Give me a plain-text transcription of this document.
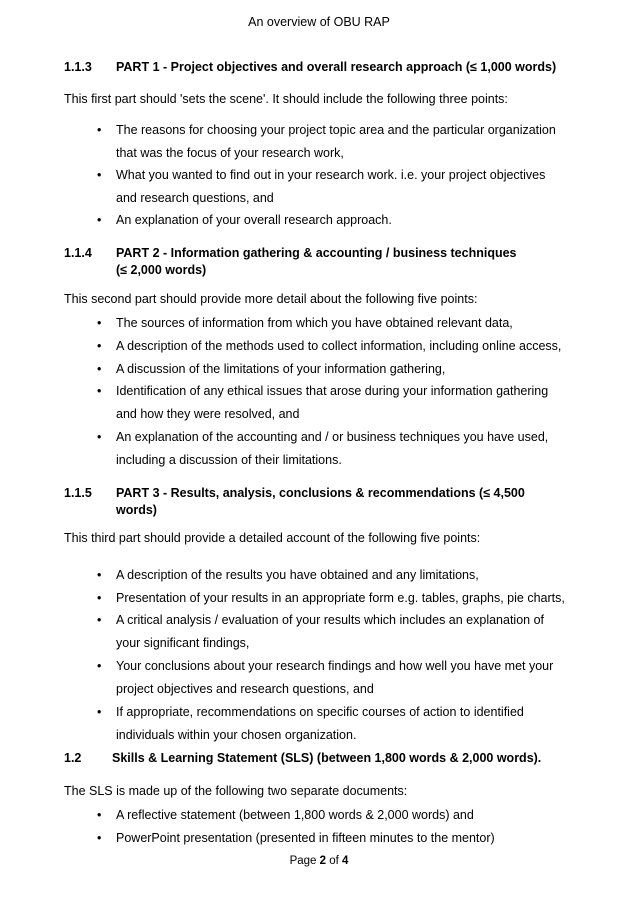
An overview of OBU RAP
1.1.3 PART 1 - Project objectives and overall research approach (≤ 1,000 words)
This first part should 'sets the scene'. It should include the following three points:
• The reasons for choosing your project topic area and the particular organization
that was the focus of your research work,
• What you wanted to find out in your research work. i.e. your project objectives
and research questions, and
• An explanation of your overall research approach.
1.1.4 PART 2 - Information gathering & accounting / business techniques
(≤ 2,000 words)
This second part should provide more detail about the following five points:
• The sources of information from which you have obtained relevant data,
• A description of the methods used to collect information, including online access,
• A discussion of the limitations of your information gathering,
• Identification of any ethical issues that arose during your information gathering
and how they were resolved, and
• An explanation of the accounting and / or business techniques you have used,
including a discussion of their limitations.
1.1.5 PART 3 - Results, analysis, conclusions & recommendations (≤ 4,500
words)
This third part should provide a detailed account of the following five points:
• A description of the results you have obtained and any limitations,
• Presentation of your results in an appropriate form e.g. tables, graphs, pie charts,
• A critical analysis / evaluation of your results which includes an explanation of
your significant findings,
• Your conclusions about your research findings and how well you have met your
project objectives and research questions, and
• If appropriate, recommendations on specific courses of action to identified
individuals within your chosen organization.
1.2 Skills & Learning Statement (SLS) (between 1,800 words & 2,000 words).
The SLS is made up of the following two separate documents:
• A reflective statement (between 1,800 words & 2,000 words) and
• PowerPoint presentation (presented in fifteen minutes to the mentor)
Page 2 of 4
